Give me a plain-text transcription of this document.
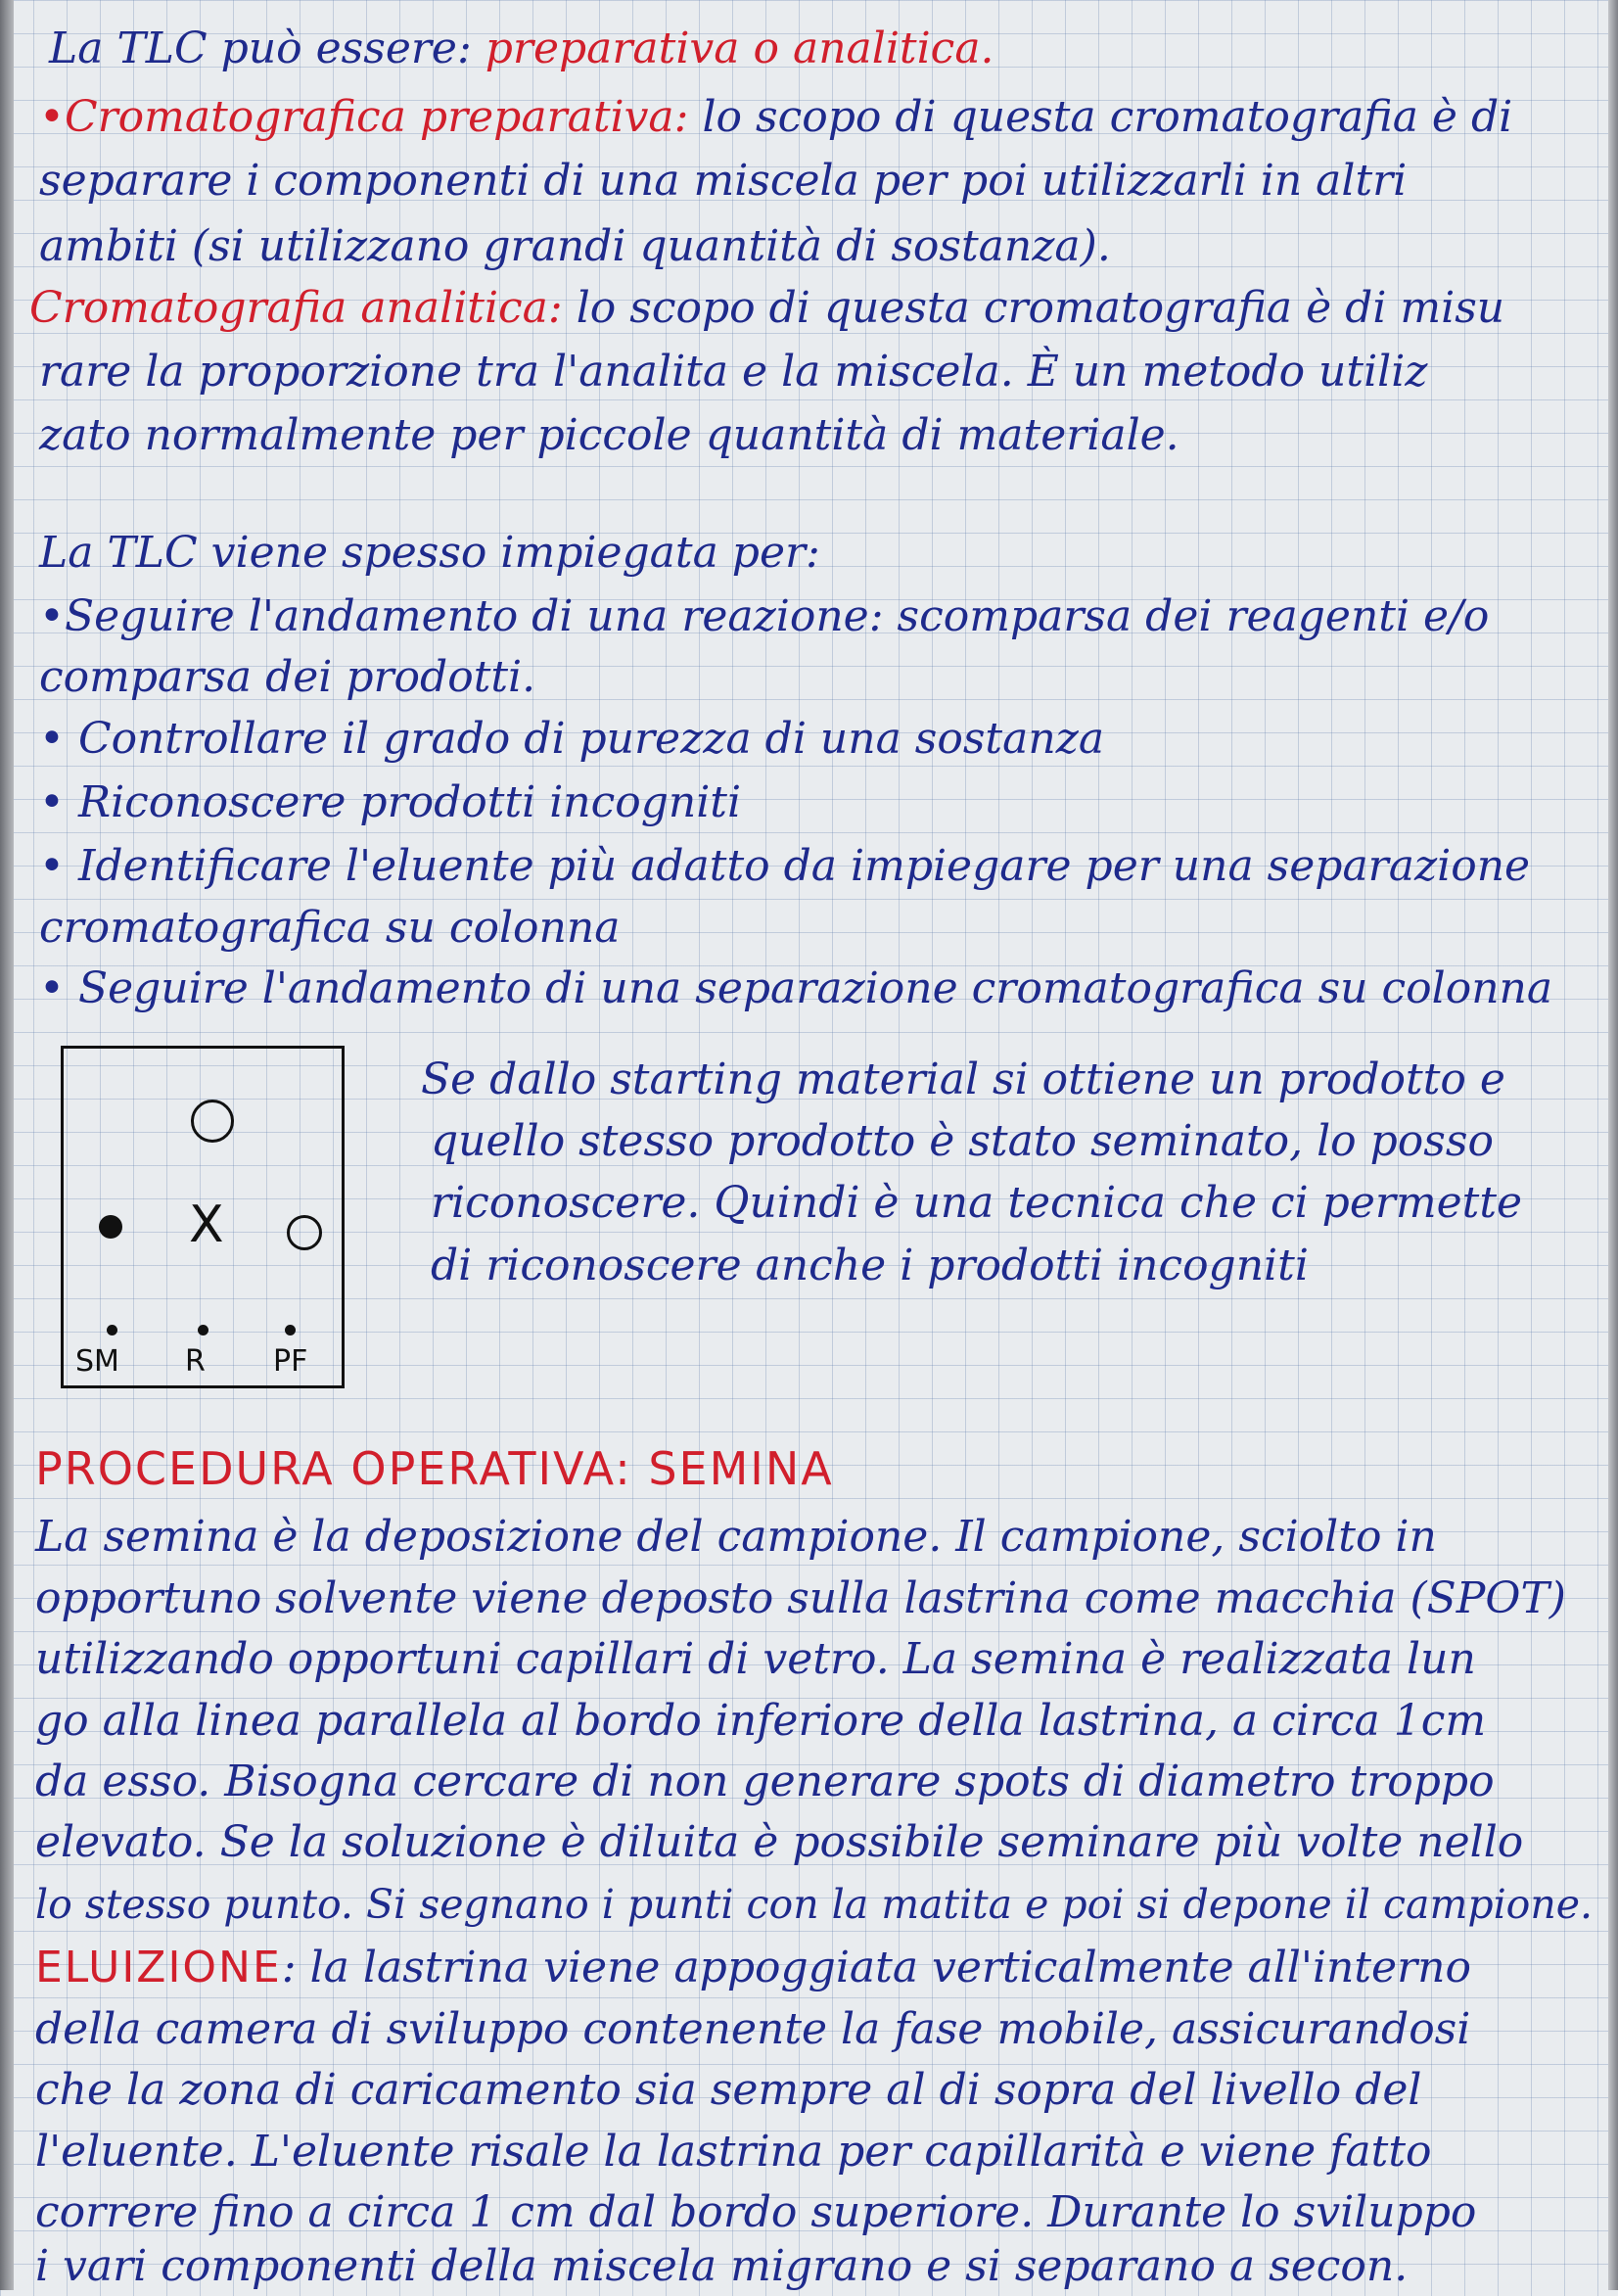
La TLC può essere: preparativa o analitica.
•Cromatografica preparativa: lo scopo di questa cromatografia è di
separare i componenti di una miscela per poi utilizzarli in altri
ambiti (si utilizzano grandi quantità di sostanza).
Cromatografia analitica: lo scopo di questa cromatografia è di misu
rare la proporzione tra l'analita e la miscela. È un metodo utiliz
zato normalmente per piccole quantità di materiale.
La TLC viene spesso impiegata per:
•Seguire l'andamento di una reazione: scomparsa dei reagenti e/o
comparsa dei prodotti.
• Controllare il grado di purezza di una sostanza
• Riconoscere prodotti incogniti
• Identificare l'eluente più adatto da impiegare per una separazione
cromatografica su colonna
• Seguire l'andamento di una separazione cromatografica su colonna
X
SM R PF
Se dallo starting material si ottiene un prodotto e
quello stesso prodotto è stato seminato, lo posso
riconoscere. Quindi è una tecnica che ci permette
di riconoscere anche i prodotti incogniti
PROCEDURA OPERATIVA: SEMINA
La semina è la deposizione del campione. Il campione, sciolto in
opportuno solvente viene deposto sulla lastrina come macchia (SPOT)
utilizzando opportuni capillari di vetro. La semina è realizzata lun
go alla linea parallela al bordo inferiore della lastrina, a circa 1cm
da esso. Bisogna cercare di non generare spots di diametro troppo
elevato. Se la soluzione è diluita è possibile seminare più volte nello
lo stesso punto. Si segnano i punti con la matita e poi si depone il campione.
ELUIZIONE: la lastrina viene appoggiata verticalmente all'interno
della camera di sviluppo contenente la fase mobile, assicurandosi
che la zona di caricamento sia sempre al di sopra del livello del
l'eluente. L'eluente risale la lastrina per capillarità e viene fatto
correre fino a circa 1 cm dal bordo superiore. Durante lo sviluppo
i vari componenti della miscela migrano e si separano a secon.
